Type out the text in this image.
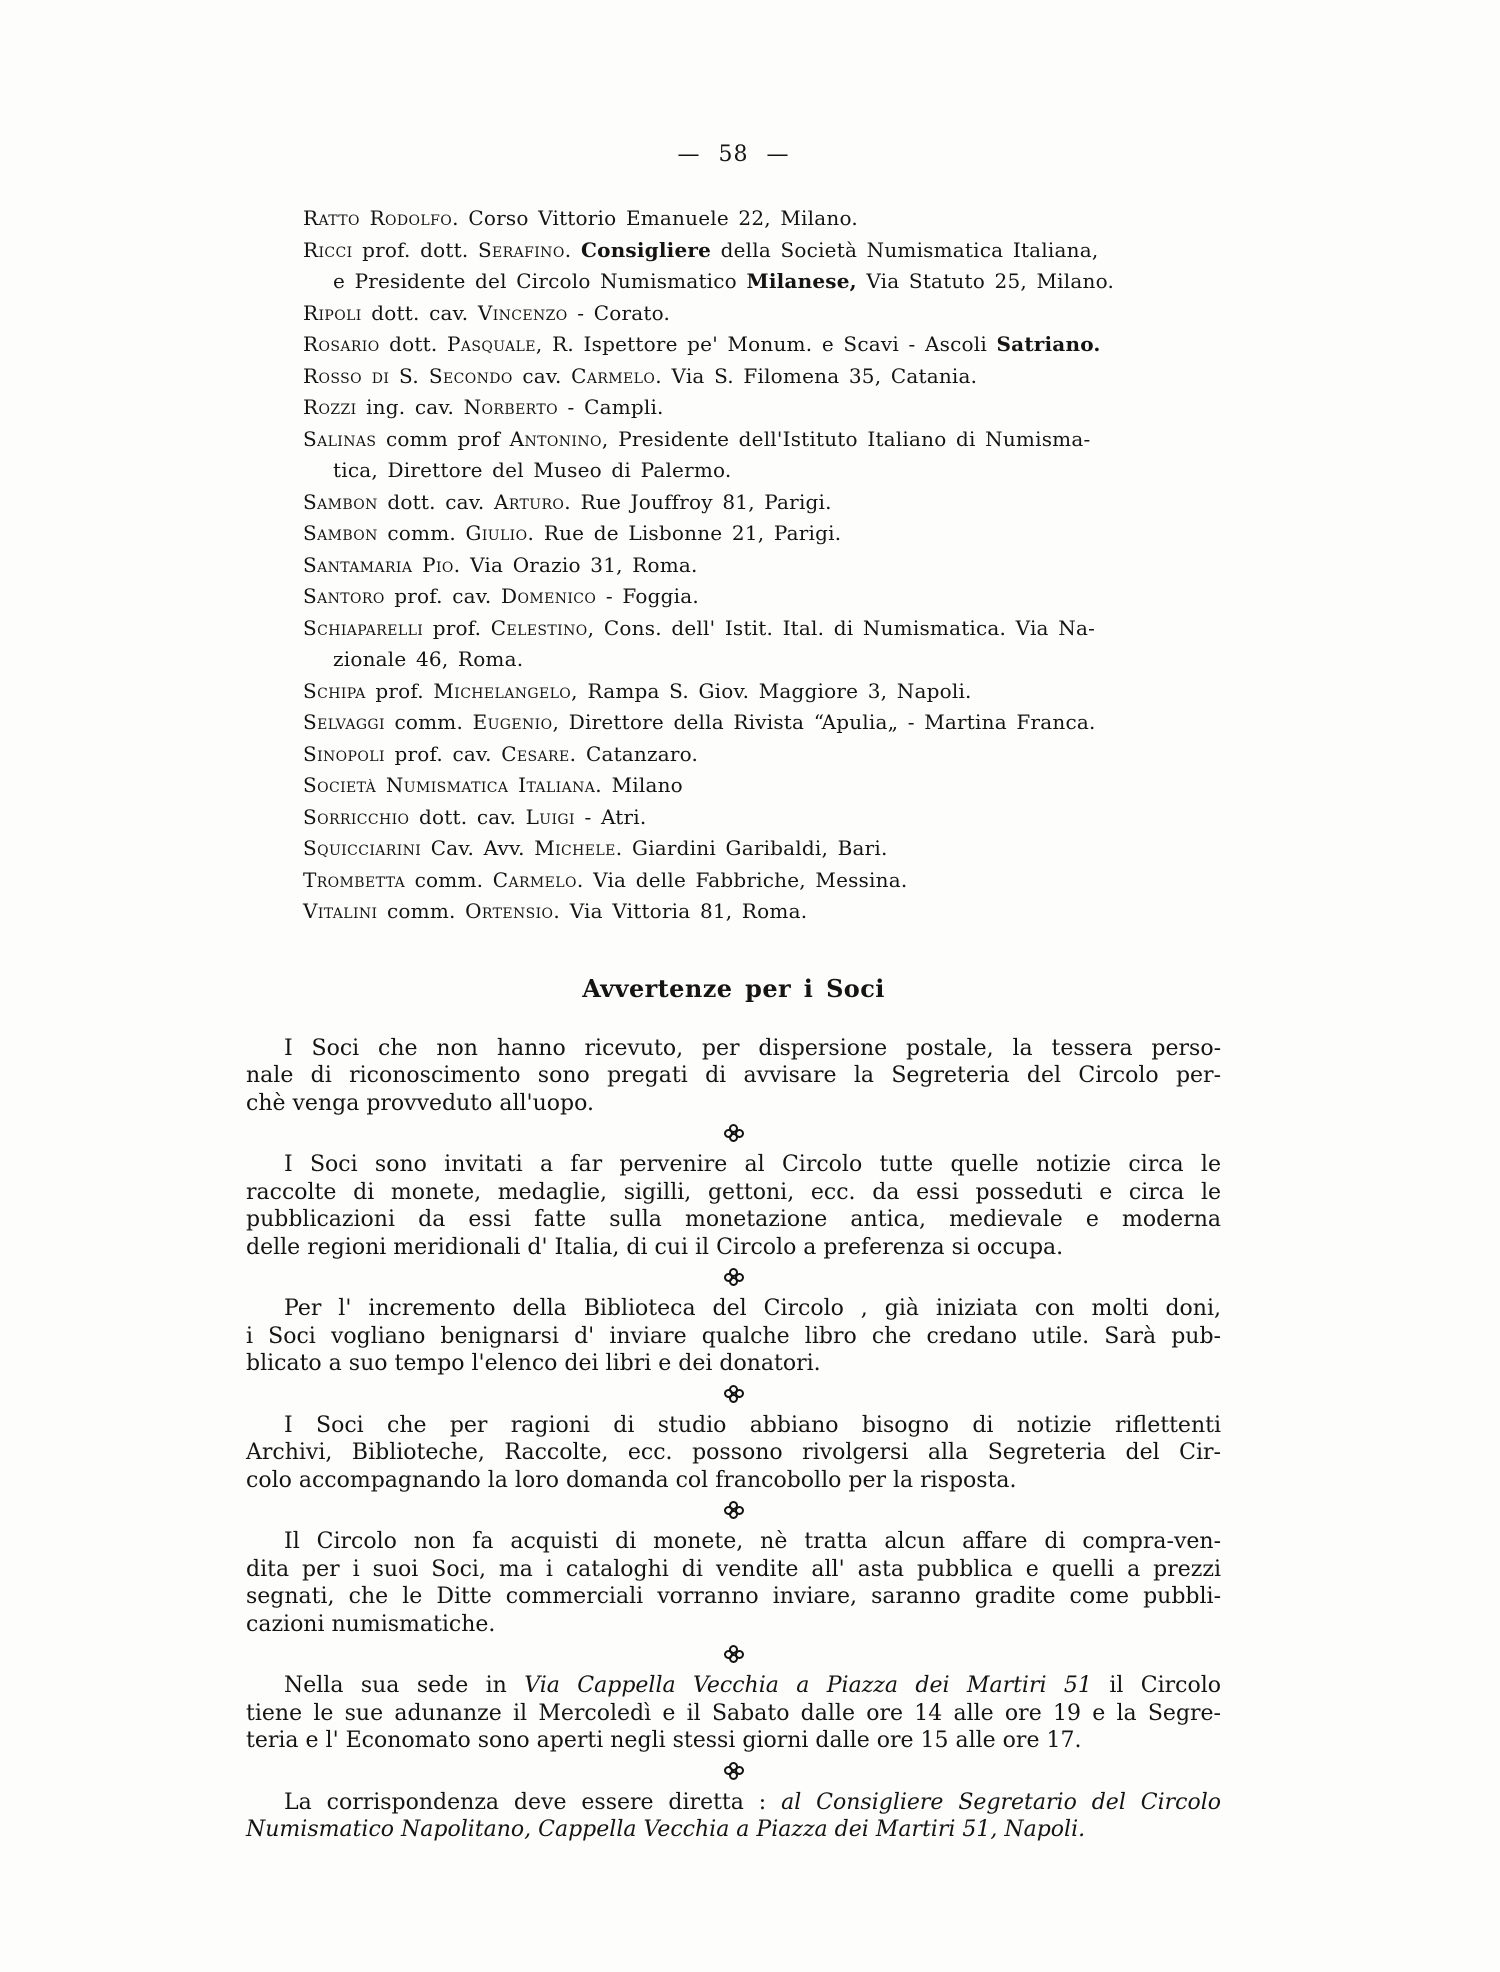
— 58 —
Ratto Rodolfo. Corso Vittorio Emanuele 22, Milano.
Ricci prof. dott. Serafino. Consigliere della Società Numismatica Italiana,
e Presidente del Circolo Numismatico Milanese, Via Statuto 25, Milano.
Ripoli dott. cav. Vincenzo - Corato.
Rosario dott. Pasquale, R. Ispettore pe' Monum. e Scavi - Ascoli Satriano.
Rosso di S. Secondo cav. Carmelo. Via S. Filomena 35, Catania.
Rozzi ing. cav. Norberto - Campli.
Salinas comm prof Antonino, Presidente dell'Istituto Italiano di Numisma-
tica, Direttore del Museo di Palermo.
Sambon dott. cav. Arturo. Rue Jouffroy 81, Parigi.
Sambon comm. Giulio. Rue de Lisbonne 21, Parigi.
Santamaria Pio. Via Orazio 31, Roma.
Santoro prof. cav. Domenico - Foggia.
Schiaparelli prof. Celestino, Cons. dell' Istit. Ital. di Numismatica. Via Na-
zionale 46, Roma.
Schipa prof. Michelangelo, Rampa S. Giov. Maggiore 3, Napoli.
Selvaggi comm. Eugenio, Direttore della Rivista “Apulia„ - Martina Franca.
Sinopoli prof. cav. Cesare. Catanzaro.
Società Numismatica Italiana. Milano
Sorricchio dott. cav. Luigi - Atri.
Squicciarini Cav. Avv. Michele. Giardini Garibaldi, Bari.
Trombetta comm. Carmelo. Via delle Fabbriche, Messina.
Vitalini comm. Ortensio. Via Vittoria 81, Roma.
Avvertenze per i Soci
I Soci che non hanno ricevuto, per dispersione postale, la tessera perso-
nale di riconoscimento sono pregati di avvisare la Segreteria del Circolo per-
chè venga provveduto all'uopo.
I Soci sono invitati a far pervenire al Circolo tutte quelle notizie circa le
raccolte di monete, medaglie, sigilli, gettoni, ecc. da essi posseduti e circa le
pubblicazioni da essi fatte sulla monetazione antica, medievale e moderna
delle regioni meridionali d' Italia, di cui il Circolo a preferenza si occupa.
Per l' incremento della Biblioteca del Circolo , già iniziata con molti doni,
i Soci vogliano benignarsi d' inviare qualche libro che credano utile. Sarà pub-
blicato a suo tempo l'elenco dei libri e dei donatori.
I Soci che per ragioni di studio abbiano bisogno di notizie riflettenti
Archivi, Biblioteche, Raccolte, ecc. possono rivolgersi alla Segreteria del Cir-
colo accompagnando la loro domanda col francobollo per la risposta.
Il Circolo non fa acquisti di monete, nè tratta alcun affare di compra-ven-
dita per i suoi Soci, ma i cataloghi di vendite all' asta pubblica e quelli a prezzi
segnati, che le Ditte commerciali vorranno inviare, saranno gradite come pubbli-
cazioni numismatiche.
Nella sua sede in Via Cappella Vecchia a Piazza dei Martiri 51 il Circolo
tiene le sue adunanze il Mercoledì e il Sabato dalle ore 14 alle ore 19 e la Segre-
teria e l' Economato sono aperti negli stessi giorni dalle ore 15 alle ore 17.
La corrispondenza deve essere diretta : al Consigliere Segretario del Circolo
Numismatico Napolitano, Cappella Vecchia a Piazza dei Martiri 51, Napoli.
